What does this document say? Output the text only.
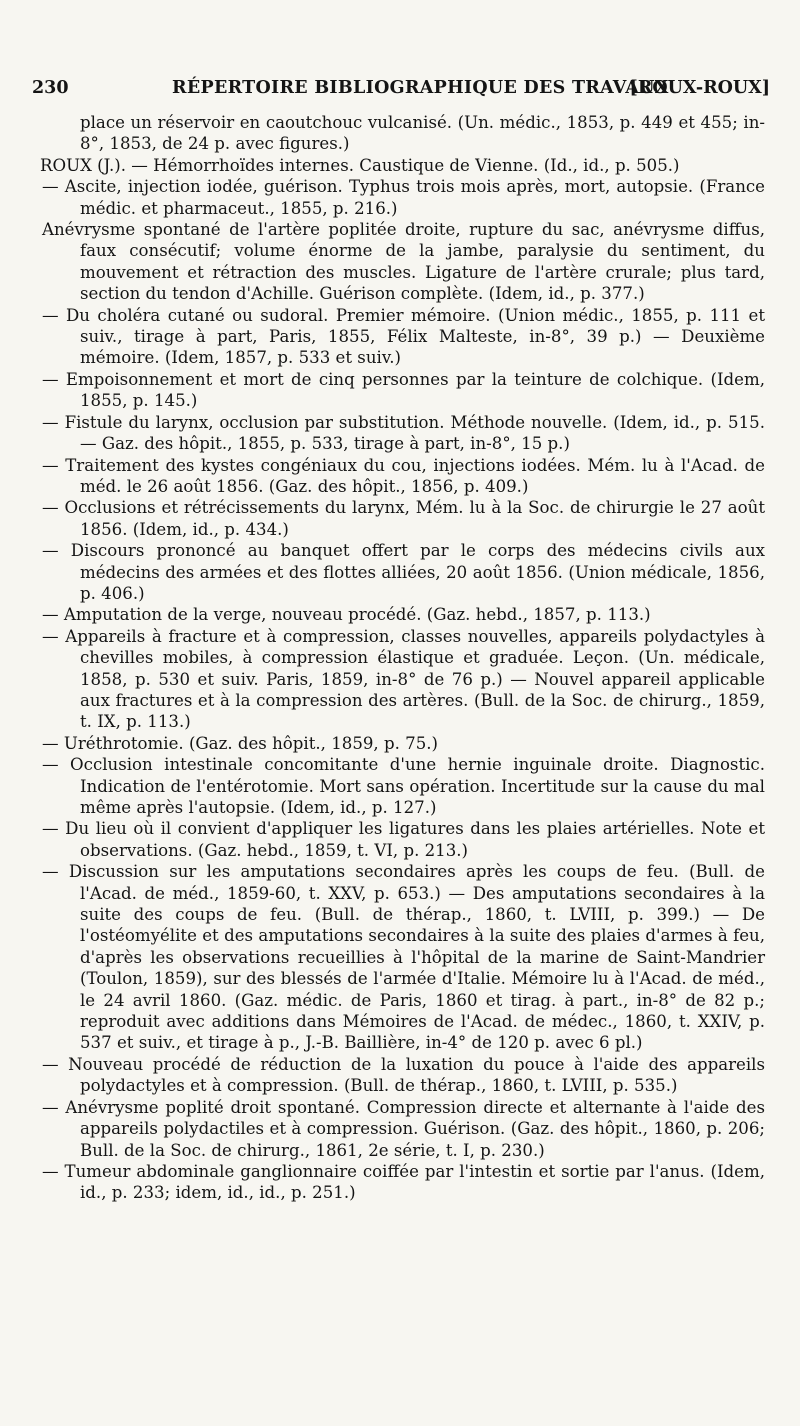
230	RÉPERTOIRE BIBLIOGRAPHIQUE DES TRAVAUX
[ROUX-ROUX]

place un réservoir en caoutchouc vulcanisé. (Un. médic., 1853, p. 449 et 455; in-8°, 1853, de 24 p. avec figures.)

ROUX (J.). — Hémorrhoïdes internes. Caustique de Vienne. (Id., id., p. 505.)

— Ascite, injection iodée, guérison. Typhus trois mois après, mort, autopsie. (France médic. et pharmaceut., 1855, p. 216.)

Anévrysme spontané de l'artère poplitée droite, rupture du sac, anévrysme diffus, faux consécutif; volume énorme de la jambe, paralysie du sentiment, du mouvement et rétraction des muscles. Ligature de l'artère crurale; plus tard, section du tendon d'Achille. Guérison complète. (Idem, id., p. 377.)

— Du choléra cutané ou sudoral. Premier mémoire. (Union médic., 1855, p. 111 et suiv., tirage à part, Paris, 1855, Félix Malteste, in-8°, 39 p.) — Deuxième mémoire. (Idem, 1857, p. 533 et suiv.)

— Empoisonnement et mort de cinq personnes par la teinture de colchique. (Idem, 1855, p. 145.)

— Fistule du larynx, occlusion par substitution. Méthode nouvelle. (Idem, id., p. 515. — Gaz. des hôpit., 1855, p. 533, tirage à part, in-8°, 15 p.)

— Traitement des kystes congéniaux du cou, injections iodées. Mém. lu à l'Acad. de méd. le 26 août 1856. (Gaz. des hôpit., 1856, p. 409.)

— Occlusions et rétrécissements du larynx, Mém. lu à la Soc. de chirurgie le 27 août 1856. (Idem, id., p. 434.)

— Discours prononcé au banquet offert par le corps des médecins civils aux médecins des armées et des flottes alliées, 20 août 1856. (Union médicale, 1856, p. 406.)

— Amputation de la verge, nouveau procédé. (Gaz. hebd., 1857, p. 113.)

— Appareils à fracture et à compression, classes nouvelles, appareils polydactyles à chevilles mobiles, à compression élastique et graduée. Leçon. (Un. médicale, 1858, p. 530 et suiv. Paris, 1859, in-8° de 76 p.) — Nouvel appareil applicable aux fractures et à la compression des artères. (Bull. de la Soc. de chirurg., 1859, t. IX, p. 113.)

— Uréthrotomie. (Gaz. des hôpit., 1859, p. 75.)

— Occlusion intestinale concomitante d'une hernie inguinale droite. Diagnostic. Indication de l'entérotomie. Mort sans opération. Incertitude sur la cause du mal même après l'autopsie. (Idem, id., p. 127.)

— Du lieu où il convient d'appliquer les ligatures dans les plaies artérielles. Note et observations. (Gaz. hebd., 1859, t. VI, p. 213.)

— Discussion sur les amputations secondaires après les coups de feu. (Bull. de l'Acad. de méd., 1859-60, t. XXV, p. 653.) — Des amputations secondaires à la suite des coups de feu. (Bull. de thérap., 1860, t. LVIII, p. 399.) — De l'ostéomyélite et des amputations secondaires à la suite des plaies d'armes à feu, d'après les observations recueillies à l'hôpital de la marine de Saint-Mandrier (Toulon, 1859), sur des blessés de l'armée d'Italie. Mémoire lu à l'Acad. de méd., le 24 avril 1860. (Gaz. médic. de Paris, 1860 et tirag. à part., in-8° de 82 p.; reproduit avec additions dans Mémoires de l'Acad. de médec., 1860, t. XXIV, p. 537 et suiv., et tirage à p., J.-B. Baillière, in-4° de 120 p. avec 6 pl.)

— Nouveau procédé de réduction de la luxation du pouce à l'aide des appareils polydactyles et à compression. (Bull. de thérap., 1860, t. LVIII, p. 535.)

— Anévrysme poplité droit spontané. Compression directe et alternante à l'aide des appareils polydactiles et à compression. Guérison. (Gaz. des hôpit., 1860, p. 206; Bull. de la Soc. de chirurg., 1861, 2e série, t. I, p. 230.)

— Tumeur abdominale ganglionnaire coiffée par l'intestin et sortie par l'anus. (Idem, id., p. 233; idem, id., id., p. 251.)
